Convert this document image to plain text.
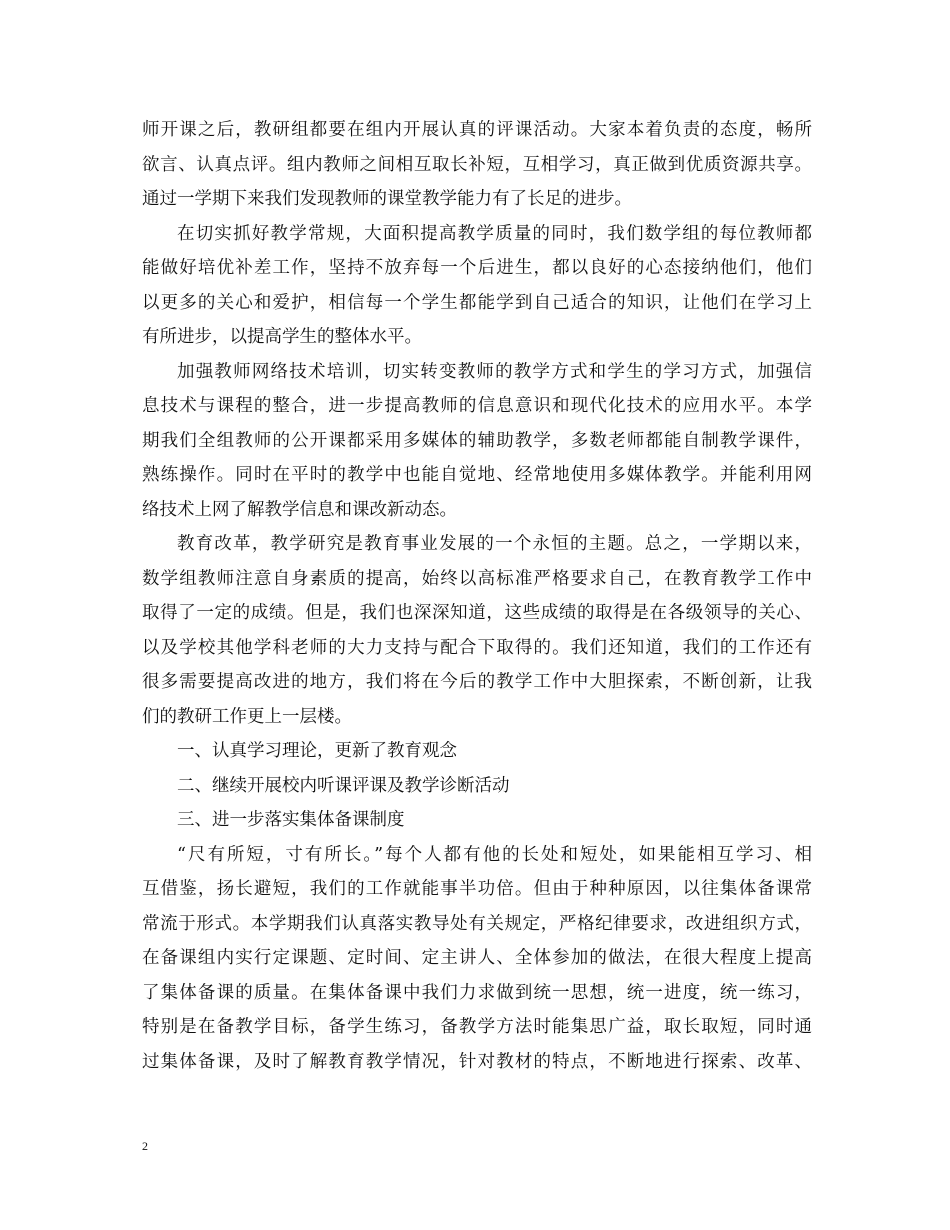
师开课之后，教研组都要在组内开展认真的评课活动。大家本着负责的态度，畅所
欲言、认真点评。组内教师之间相互取长补短，互相学习，真正做到优质资源共享。
通过一学期下来我们发现教师的课堂教学能力有了长足的进步。
在切实抓好教学常规，大面积提高教学质量的同时，我们数学组的每位教师都
能做好培优补差工作，坚持不放弃每一个后进生，都以良好的心态接纳他们，他们
以更多的关心和爱护，相信每一个学生都能学到自己适合的知识，让他们在学习上
有所进步，以提高学生的整体水平。
加强教师网络技术培训，切实转变教师的教学方式和学生的学习方式，加强信
息技术与课程的整合，进一步提高教师的信息意识和现代化技术的应用水平。本学
期我们全组教师的公开课都采用多媒体的辅助教学，多数老师都能自制教学课件，
熟练操作。同时在平时的教学中也能自觉地、经常地使用多媒体教学。并能利用网
络技术上网了解教学信息和课改新动态。
教育改革，教学研究是教育事业发展的一个永恒的主题。总之，一学期以来，
数学组教师注意自身素质的提高，始终以高标准严格要求自己，在教育教学工作中
取得了一定的成绩。但是，我们也深深知道，这些成绩的取得是在各级领导的关心、
以及学校其他学科老师的大力支持与配合下取得的。我们还知道，我们的工作还有
很多需要提高改进的地方，我们将在今后的教学工作中大胆探索，不断创新，让我
们的教研工作更上一层楼。
一、认真学习理论，更新了教育观念
二、继续开展校内听课评课及教学诊断活动
三、进一步落实集体备课制度
“尺有所短，寸有所长。”每个人都有他的长处和短处，如果能相互学习、相
互借鉴，扬长避短，我们的工作就能事半功倍。但由于种种原因，以往集体备课常
常流于形式。本学期我们认真落实教导处有关规定，严格纪律要求，改进组织方式，
在备课组内实行定课题、定时间、定主讲人、全体参加的做法，在很大程度上提高
了集体备课的质量。在集体备课中我们力求做到统一思想，统一进度，统一练习，
特别是在备教学目标，备学生练习，备教学方法时能集思广益，取长取短，同时通
过集体备课，及时了解教育教学情况，针对教材的特点，不断地进行探索、改革、
2
